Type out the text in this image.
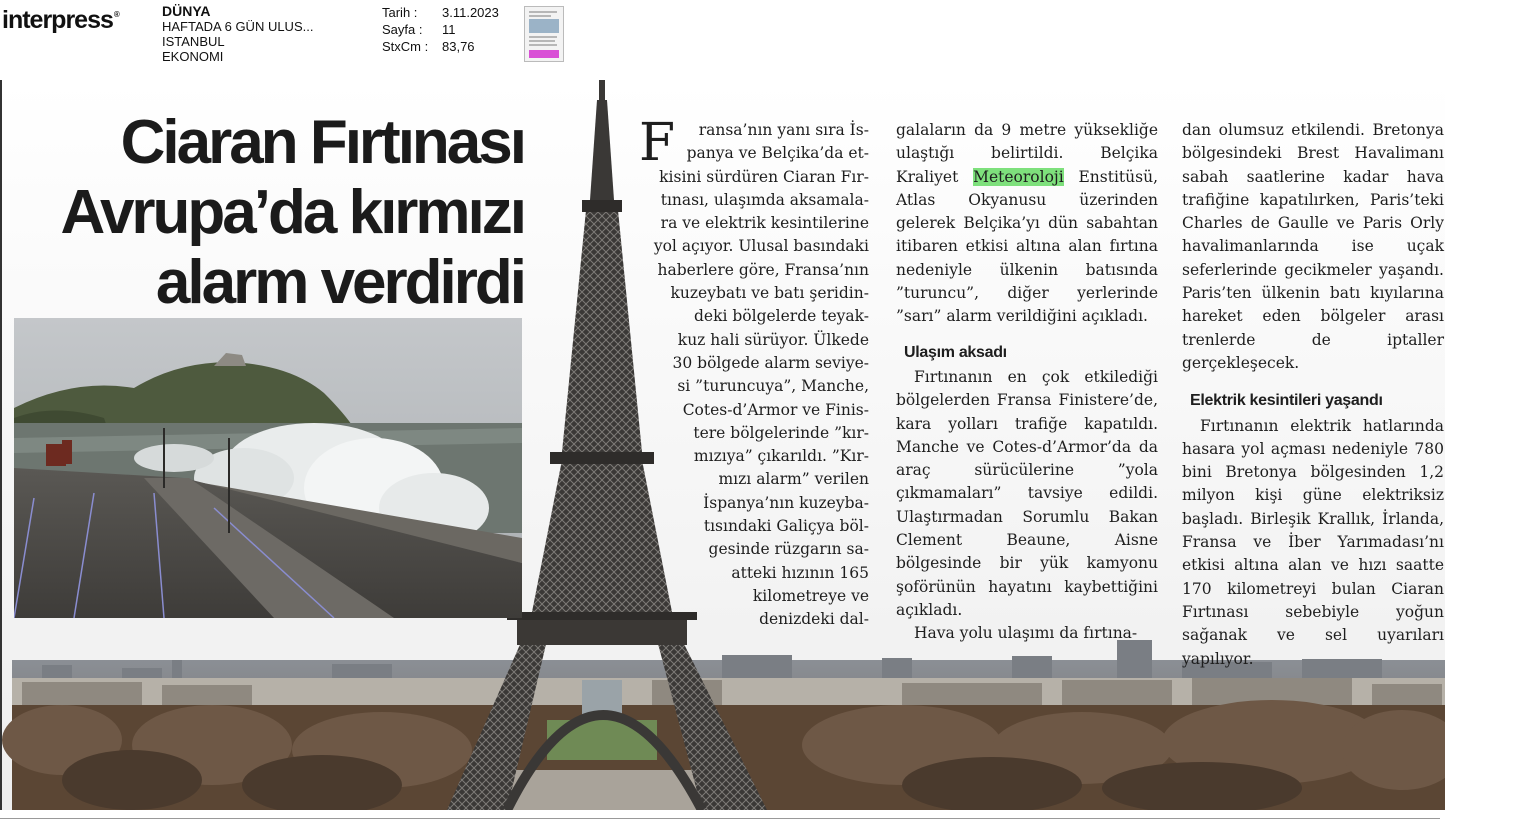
interpress®	DÜNYA
HAFTADA 6 GÜN ULUS...
ISTANBUL
EKONOMI
Tarih :
Sayfa :
StxCm :
3.11.2023
11
83,76
Ciaran Fırtınası
Avrupa’da kırmızı
alarm verdirdi
F	ransa’nın yanı sıra İs-
panya ve Belçika’da et-
kisini sürdüren Ciaran Fır-
tınası, ulaşımda aksamala-
ra ve elektrik kesintilerine
yol açıyor. Ulusal basındaki
haberlere göre, Fransa’nın
kuzeybatı ve batı şeridin-
deki bölgelerde teyak-
kuz hali sürüyor. Ülkede
30 bölgede alarm seviye-
si ”turuncuya”, Manche,
Cotes-d’Armor ve Finis-
tere bölgelerinde ”kır-
mızıya” çıkarıldı. ”Kır-
mızı alarm” verilen
İspanya’nın kuzeyba-
tısındaki Galiçya böl-
gesinde rüzgarın sa-
atteki hızının 165
kilometreye ve
denizdeki dal-

galaların da 9 metre yüksekliğe ulaştığı belirtildi. Belçika Kraliyet Meteoroloji Enstitüsü, Atlas Okyanusu üzerinden gelerek Belçika’yı dün sabahtan itibaren etkisi altına alan fırtına nedeniyle ülkenin batısında ”turuncu”, diğer yerlerinde ”sarı” alarm verildiğini açıkladı.

Ulaşım aksadı

Fırtınanın en çok etkilediği bölgelerden Fransa Finistere’de, kara yolları trafiğe kapatıldı. Manche ve Cotes-d’Armor’da da araç sürücülerine ”yola çıkmamaları” tavsiye edildi. Ulaştırmadan Sorumlu Bakan Clement Beaune, Aisne bölgesinde bir yük kamyonu şoförünün hayatını kaybettiğini açıkladı.

Hava yolu ulaşımı da fırtına-

dan olumsuz etkilendi. Bretonya bölgesindeki Brest Havalimanı sabah saatlerine kadar hava trafiğine kapatılırken, Paris’teki Charles de Gaulle ve Paris Orly havalimanlarında ise uçak seferlerinde gecikmeler yaşandı. Paris’ten ülkenin batı kıyılarına hareket eden bölgeler arası trenlerde de iptaller gerçekleşecek.

Elektrik kesintileri yaşandı

Fırtınanın elektrik hatlarında hasara yol açması nedeniyle 780 bini Bretonya bölgesinden 1,2 milyon kişi güne elektriksiz başladı. Birleşik Krallık, İrlanda, Fransa ve İber Yarımadası’nı etkisi altına alan ve hızı saatte 170 kilometreyi bulan Ciaran Fırtınası sebebiyle yoğun sağanak ve sel uyarıları yapılıyor.
